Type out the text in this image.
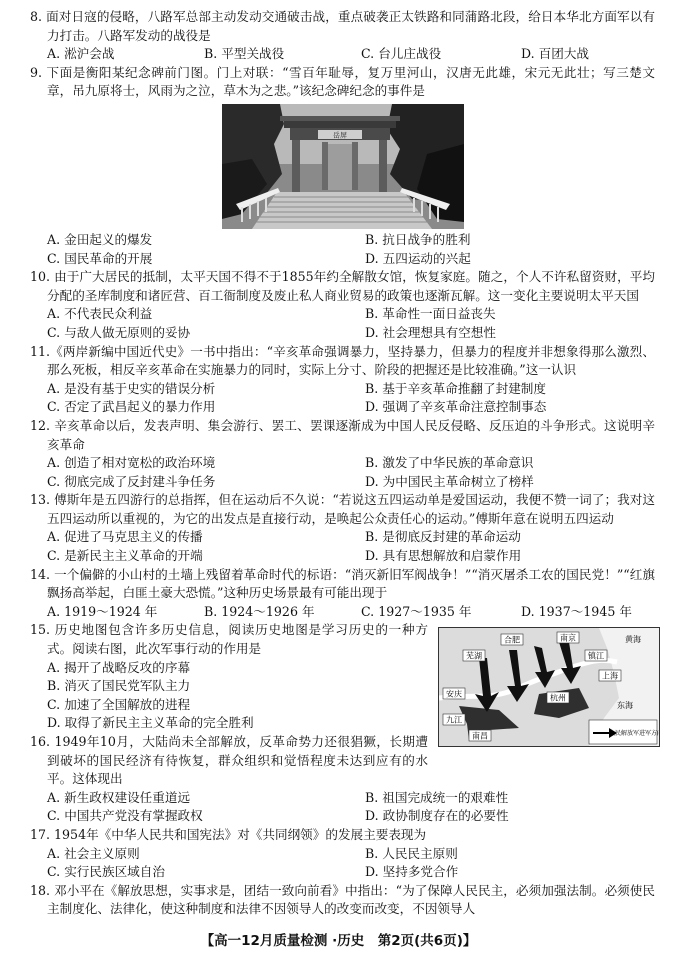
8. 面对日寇的侵略，八路军总部主动发动交通破击战，重点破袭正太铁路和同蒲路北段，给日本华北方面军以有力打击。八路军发动的战役是

A. 淞沪会战	B. 平型关战役	C. 台儿庄战役	D. 百团大战

9. 下面是衡阳某纪念碑前门图。门上对联：“雪百年耻辱，复万里河山，汉唐无此雄，宋元无此壮；写三楚文章，吊九原将士，风雨为之泣，草木为之悲。”该纪念碑纪念的事件是

岳屏
A. 金田起义的爆发	B. 抗日战争的胜利
C. 国民革命的开展	D. 五四运动的兴起

10. 由于广大居民的抵制，太平天国不得不于1855年约全解散女馆，恢复家庭。随之，个人不许私留资财，平均分配的圣库制度和诸匠营、百工衙制度及废止私人商业贸易的政策也逐渐瓦解。这一变化主要说明太平天国

A. 不代表民众利益	B. 革命性一面日益丧失
C. 与敌人做无原则的妥协	D. 社会理想具有空想性

11.《两岸新编中国近代史》一书中指出：“辛亥革命强调暴力，坚持暴力，但暴力的程度并非想象得那么激烈、那么死板，相反辛亥革命在实施暴力的同时，实际上分寸、阶段的把握还是比较准确。”这一认识

A. 是没有基于史实的错误分析	B. 基于辛亥革命推翻了封建制度
C. 否定了武昌起义的暴力作用	D. 强调了辛亥革命注意控制事态

12. 辛亥革命以后，发表声明、集会游行、罢工、罢课逐渐成为中国人民反侵略、反压迫的斗争形式。这说明辛亥革命

A. 创造了相对宽松的政治环境	B. 激发了中华民族的革命意识
C. 彻底完成了反封建斗争任务	D. 为中国民主革命树立了榜样

13. 傅斯年是五四游行的总指挥，但在运动后不久说：“若说这五四运动单是爱国运动，我便不赞一词了；我对这五四运动所以重视的，为它的出发点是直接行动，是唤起公众责任心的运动。”傅斯年意在说明五四运动

A. 促进了马克思主义的传播	B. 是彻底反封建的革命运动
C. 是新民主主义革命的开端	D. 具有思想解放和启蒙作用

14. 一个偏僻的小山村的土墙上残留着革命时代的标语：“消灭新旧军阀战争！”“消灭屠杀工农的国民党！”“红旗飘扬高举起，白匪土豪大恐慌。”这种历史场景最有可能出现于

A. 1919～1924 年	B. 1924～1926 年	C. 1927～1935 年	D. 1937～1945 年

15. 历史地图包含许多历史信息，阅读历史地图是学习历史的一种方式。阅读右图，此次军事行动的作用是

A. 揭开了战略反攻的序幕
B. 消灭了国民党军队主力
C. 加速了全国解放的进程
D. 取得了新民主主义革命的完全胜利

16. 1949年10月，大陆尚未全部解放，反革命势力还很猖獗，长期遭到破坏的国民经济有待恢复，群众组织和觉悟程度未达到应有的水平。这体现出

合肥	南京
镇江
芜湖
上海
杭州
九江
南昌
安庆
黄海
东海
人民解放军进军方向
A. 新生政权建设任重道远	B. 祖国完成统一的艰难性
C. 中国共产党没有掌握政权	D. 政协制度存在的必要性

17. 1954年《中华人民共和国宪法》对《共同纲领》的发展主要表现为

A. 社会主义原则	B. 人民民主原则
C. 实行民族区域自治	D. 坚持多党合作

18. 邓小平在《解放思想，实事求是，团结一致向前看》中指出：“为了保障人民民主，必须加强法制。必须使民主制度化、法律化，使这种制度和法律不因领导人的改变而改变，不因领导人

【高一12月质量检测 ·历史　第2页(共6页)】
